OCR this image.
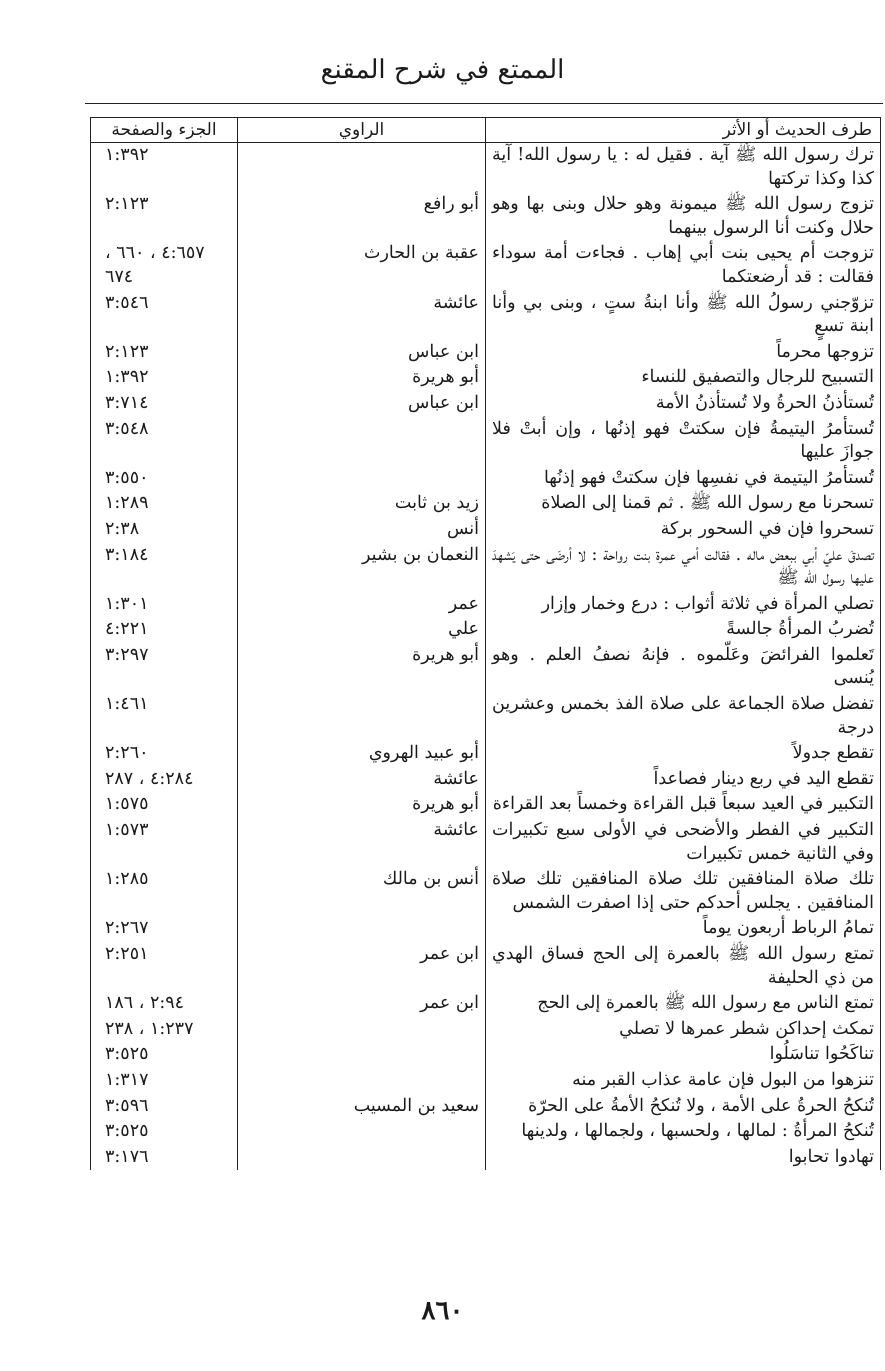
الممتع في شرح المقنع
طرف الحديث أو الأثر	الراوي	الجزء والصفحة
ترك رسول الله ﷺ آية . فقيل له : يا رسول الله! آية كذا وكذا تركتها		١:٣٩٢
تزوج رسول الله ﷺ ميمونة وهو حلال وبنى بها وهو حلال وكنت أنا الرسول بينهما	أبو رافع	٢:١٢٣
تزوجت أم يحيى بنت أبي إهاب . فجاءت أمة سوداء فقالت : قد أرضعتكما	عقبة بن الحارث	٤:٦٥٧ ، ٦٦٠ ، ٦٧٤
تزوّجني رسولُ الله ﷺ وأنا ابنةُ ستٍ ، وبنى بي وأنا ابنة تسعٍ	عائشة	٣:٥٤٦
تزوجها محرماً	ابن عباس	٢:١٢٣
التسبيح للرجال والتصفيق للنساء	أبو هريرة	١:٣٩٢
تُستأذنُ الحرةُ ولا تُستأذنُ الأمة	ابن عباس	٣:٧١٤
تُستأمرُ اليتيمةُ فإن سكتتْ فهو إذنُها ، وإن أبتْ فلا جوازَ عليها		٣:٥٤٨
تُستأمرُ اليتيمة في نفسِها فإن سكتتْ فهو إذنُها		٣:٥٥٠
تسحرنا مع رسول الله ﷺ . ثم قمنا إلى الصلاة	زيد بن ثابت	١:٢٨٩
تسحروا فإن في السحور بركة	أنس	٢:٣٨
تصدقَ عليّ أبي ببعض ماله . فقالت أمي عمرة بنت رواحة : لا أرضَى حتى يَشهدَ عليها رسول الله ﷺ	النعمان بن بشير	٣:١٨٤
تصلي المرأة في ثلاثة أثواب : درع وخمار وإزار	عمر	١:٣٠١
تُضربُ المرأةُ جالسةً	علي	٤:٢٢١
تَعلموا الفرائضَ وعَلّموه . فإنهُ نصفُ العلم . وهو يُنسى	أبو هريرة	٣:٢٩٧
تفضل صلاة الجماعة على صلاة الفذ بخمس وعشرين درجة		١:٤٦١
تقطع جدولاً	أبو عبيد الهروي	٢:٢٦٠
تقطع اليد في ربع دينار فصاعداً	عائشة	٤:٢٨٤ ، ٢٨٧
التكبير في العيد سبعاً قبل القراءة وخمساً بعد القراءة	أبو هريرة	١:٥٧٥
التكبير في الفطر والأضحى في الأولى سبع تكبيرات وفي الثانية خمس تكبيرات	عائشة	١:٥٧٣
تلك صلاة المنافقين تلك صلاة المنافقين تلك صلاة المنافقين . يجلس أحدكم حتى إذا اصفرت الشمس	أنس بن مالك	١:٢٨٥
تمامُ الرباط أربعون يوماً		٢:٢٦٧
تمتع رسول الله ﷺ بالعمرة إلى الحج فساق الهدي من ذي الحليفة	ابن عمر	٢:٢٥١
تمتع الناس مع رسول الله ﷺ بالعمرة إلى الحج	ابن عمر	٢:٩٤ ، ١٨٦
تمكث إحداكن شطر عمرها لا تصلي		١:٢٣٧ ، ٢٣٨
تناكَحُوا تناسَلُوا		٣:٥٢٥
تنزهوا من البول فإن عامة عذاب القبر منه		١:٣١٧
تُنكحُ الحرةُ على الأمة ، ولا تُنكحُ الأمةُ على الحرّة	سعيد بن المسيب	٣:٥٩٦
تُنكحُ المرأةُ : لمالها ، ولحسبها ، ولجمالها ، ولدينها		٣:٥٢٥
تهادوا تحابوا		٣:١٧٦
٨٦٠
